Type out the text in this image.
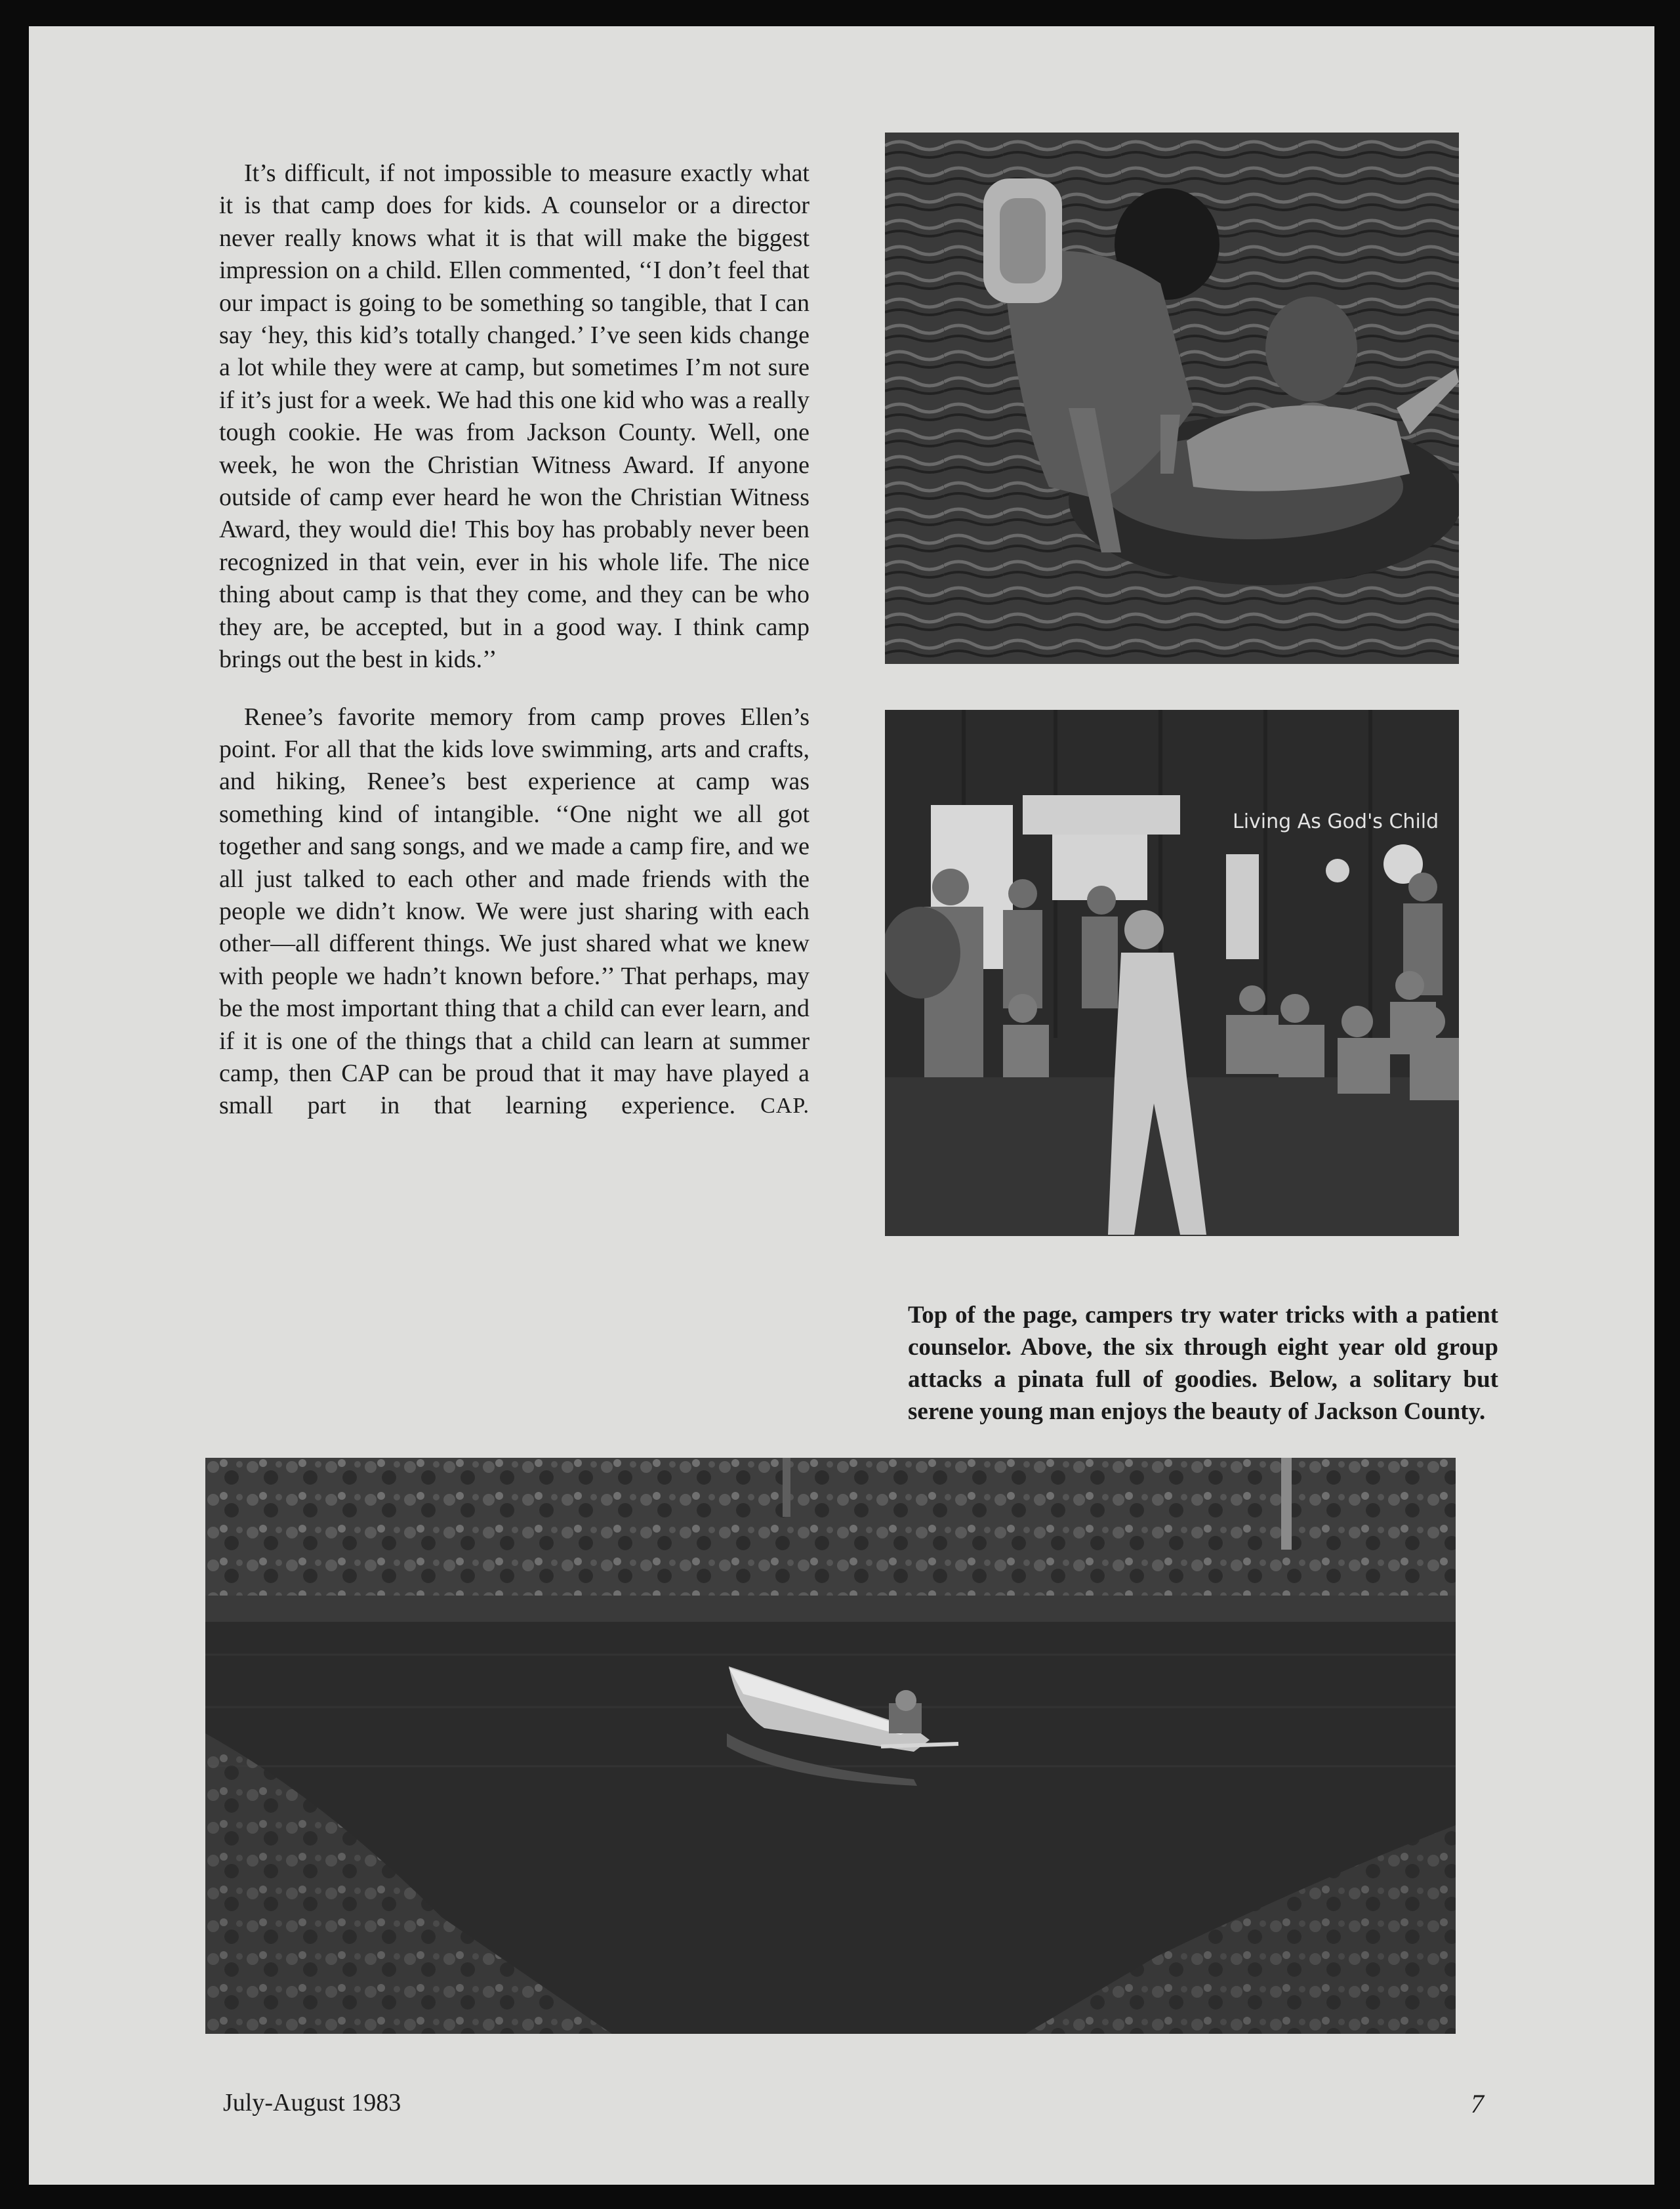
It’s difficult, if not impossible to measure exactly what it is that camp does for kids. A counselor or a director never really knows what it is that will make the biggest impression on a child. Ellen commented, ‘‘I don’t feel that our impact is going to be something so tangible, that I can say ‘hey, this kid’s totally changed.’ I’ve seen kids change a lot while they were at camp, but sometimes I’m not sure if it’s just for a week. We had this one kid who was a really tough cookie. He was from Jackson County. Well, one week, he won the Christian Witness Award. If anyone outside of camp ever heard he won the Christian Witness Award, they would die! This boy has probably never been recognized in that vein, ever in his whole life. The nice thing about camp is that they come, and they can be who they are, be accepted, but in a good way. I think camp brings out the best in kids.’’

Renee’s favorite memory from camp proves Ellen’s point. For all that the kids love swimming, arts and crafts, and hiking, Renee’s best experience at camp was something kind of intangible. ‘‘One night we all got together and sang songs, and we made a camp fire, and we all just talked to each other and made friends with the people we didn’t know. We were just sharing with each other—all different things. We just shared what we knew with people we hadn’t known before.’’ That perhaps, may be the most important thing that a child can ever learn, and if it is one of the things that a child can learn at summer camp, then CAP can be proud that it may have played a small part in that learning experience.	CAP.

Living As God's Child
Top of the page, campers try water tricks with a patient counselor. Above, the six through eight year old group attacks a pinata full of goodies. Below, a solitary but serene young man enjoys the beauty of Jackson County.
July-August 1983	7
